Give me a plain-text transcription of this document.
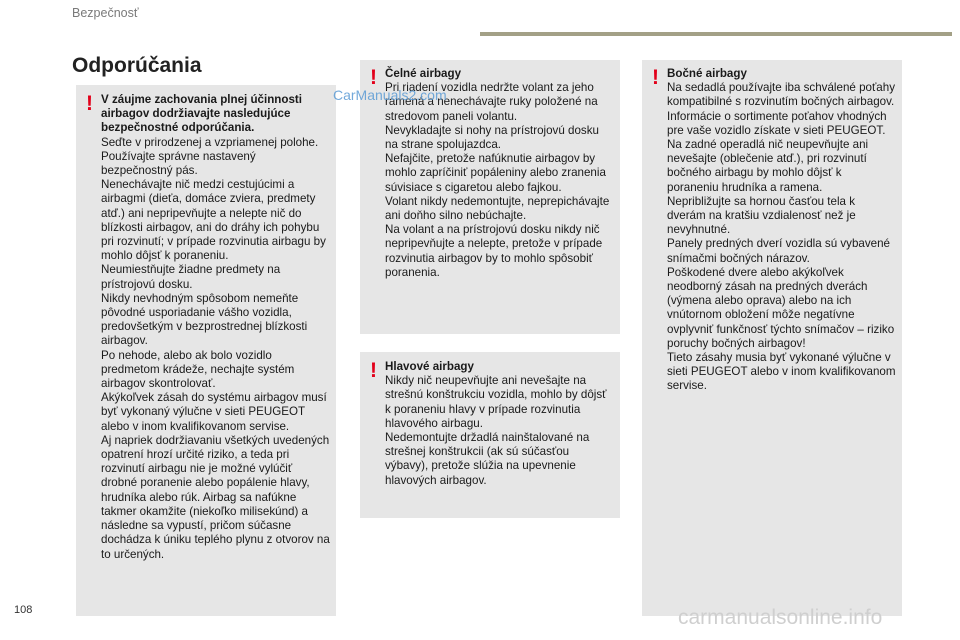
Bezpečnosť
Odporúčania
! V záujme zachovania plnej účinnosti airbagov dodržiavajte nasledujúce bezpečnostné odporúčania.

Seďte v prirodzenej a vzpriamenej polohe.

Používajte správne nastavený bezpečnostný pás.

Nenechávajte nič medzi cestujúcimi a airbagmi (dieťa, domáce zviera, predmety atď.) ani nepripevňujte a nelepte nič do blízkosti airbagov, ani do dráhy ich pohybu pri rozvinutí; v prípade rozvinutia airbagu by mohlo dôjsť k poraneniu.

Neumiestňujte žiadne predmety na prístrojovú dosku.

Nikdy nevhodným spôsobom nemeňte pôvodné usporiadanie vášho vozidla, predovšetkým v bezprostrednej blízkosti airbagov.

Po nehode, alebo ak bolo vozidlo predmetom krádeže, nechajte systém airbagov skontrolovať.

Akýkoľvek zásah do systému airbagov musí byť vykonaný výlučne v sieti PEUGEOT alebo v inom kvalifikovanom servise.

Aj napriek dodržiavaniu všetkých uvedených opatrení hrozí určité riziko, a teda pri rozvinutí airbagu nie je možné vylúčiť drobné poranenie alebo popálenie hlavy, hrudníka alebo rúk. Airbag sa nafúkne takmer okamžite (niekoľko milisekúnd) a následne sa vypustí, pričom súčasne dochádza k úniku teplého plynu z otvorov na to určených.

! Čelné airbagy

Pri riadení vozidla nedržte volant za jeho ramená a nenechávajte ruky položené na stredovom paneli volantu.

Nevykladajte si nohy na prístrojovú dosku na strane spolujazdca.

Nefajčite, pretože nafúknutie airbagov by mohlo zapríčiniť popáleniny alebo zranenia súvisiace s cigaretou alebo fajkou.

Volant nikdy nedemontujte, neprepichávajte ani doňho silno nebúchajte.

Na volant a na prístrojovú dosku nikdy nič nepripevňujte a nelepte, pretože v prípade rozvinutia airbagov by to mohlo spôsobiť poranenia.

! Hlavové airbagy

Nikdy nič neupevňujte ani nevešajte na strešnú konštrukciu vozidla, mohlo by dôjsť k poraneniu hlavy v prípade rozvinutia hlavového airbagu.

Nedemontujte držadlá nainštalované na strešnej konštrukcii (ak sú súčasťou výbavy), pretože slúžia na upevnenie hlavových airbagov.

! Bočné airbagy

Na sedadlá používajte iba schválené poťahy kompatibilné s rozvinutím bočných airbagov. Informácie o sortimente poťahov vhodných pre vaše vozidlo získate v sieti PEUGEOT.

Na zadné operadlá nič neupevňujte ani nevešajte (oblečenie atď.), pri rozvinutí bočného airbagu by mohlo dôjsť k poraneniu hrudníka a ramena.

Nepribližujte sa hornou časťou tela k dverám na kratšiu vzdialenosť než je nevyhnutné.

Panely predných dverí vozidla sú vybavené snímačmi bočných nárazov.

Poškodené dvere alebo akýkoľvek neodborný zásah na predných dverách (výmena alebo oprava) alebo na ich vnútornom obložení môže negatívne ovplyvniť funkčnosť týchto snímačov – riziko poruchy bočných airbagov!

Tieto zásahy musia byť vykonané výlučne v sieti PEUGEOT alebo v inom kvalifikovanom servise.

CarManuals2.com
108	carmanualsonline.info
